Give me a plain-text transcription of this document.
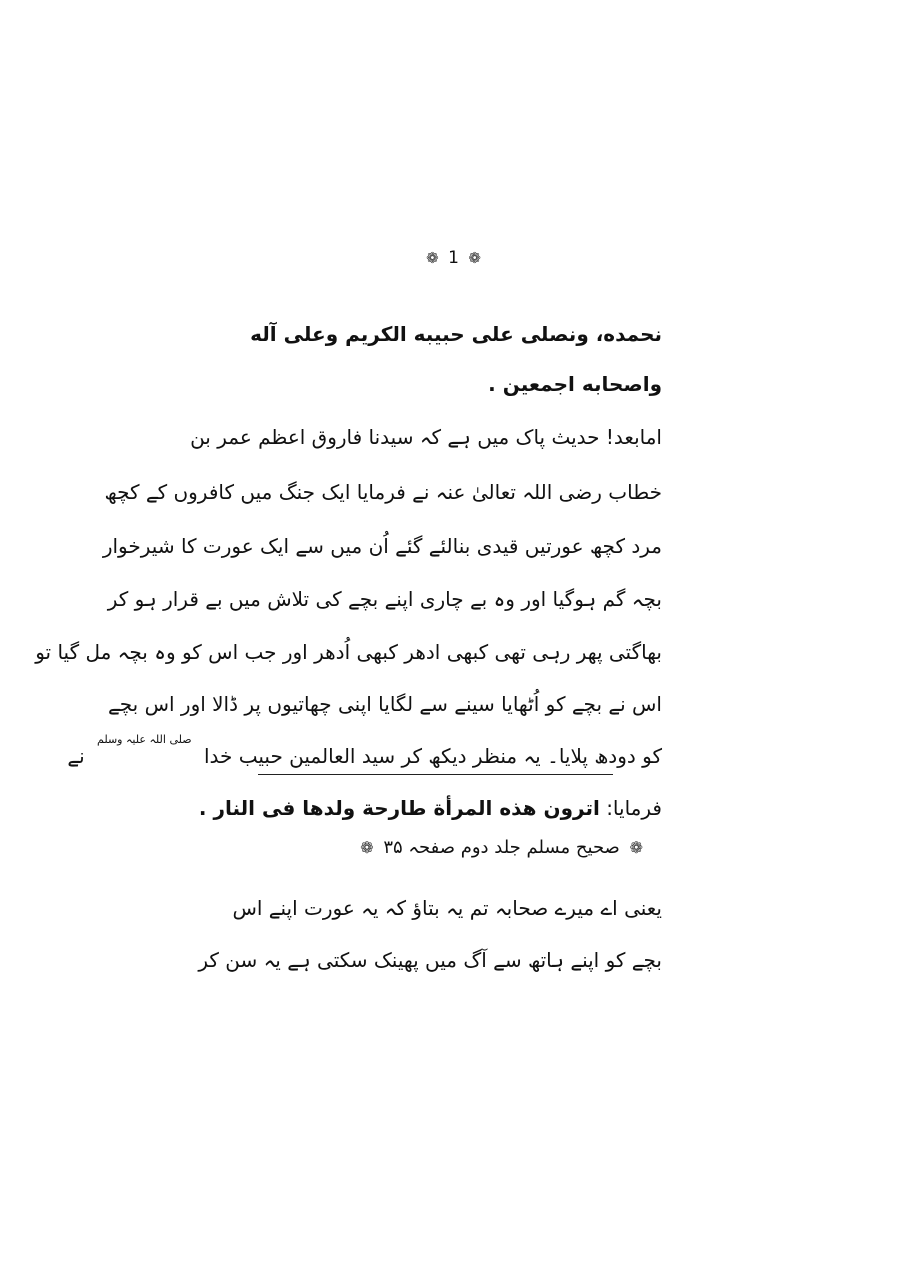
❁ 1 ❁
نحمده، ونصلى على حبيبه الكريم وعلى آله
واصحابه اجمعين .
امابعد! حدیث پاک میں ہے کہ سیدنا فاروق اعظم عمر بن
خطاب رضی اللہ تعالیٰ عنہ نے فرمایا ایک جنگ میں کافروں کے کچھ
مرد کچھ عورتیں قیدی بنالئے گئے اُن میں سے ایک عورت کا شیرخوار
بچہ گم ہوگیا اور وہ بے چاری اپنے بچے کی تلاش میں بے قرار ہو کر
بھاگتی پھر رہی تھی کبھی ادھر کبھی اُدھر اور جب اس کو وہ بچہ مل گیا تو
اس نے بچے کو اُٹھایا سینے سے لگایا اپنی چھاتیوں پر ڈالا اور اس بچے
کو دودھ پلایا۔ یہ منظر دیکھ کر سید العالمین حبیب خدا صلی اللہ علیہ وسلم نے
فرمایا: اترون هذه المرأة طارحة ولدها فى النار .
یعنی اے میرے صحابہ تم یہ بتاؤ کہ یہ عورت اپنے اس
بچے کو اپنے ہاتھ سے آگ میں پھینک سکتی ہے یہ سن کر
❁ صحیح مسلم جلد دوم صفحہ ۳۵ ❁
